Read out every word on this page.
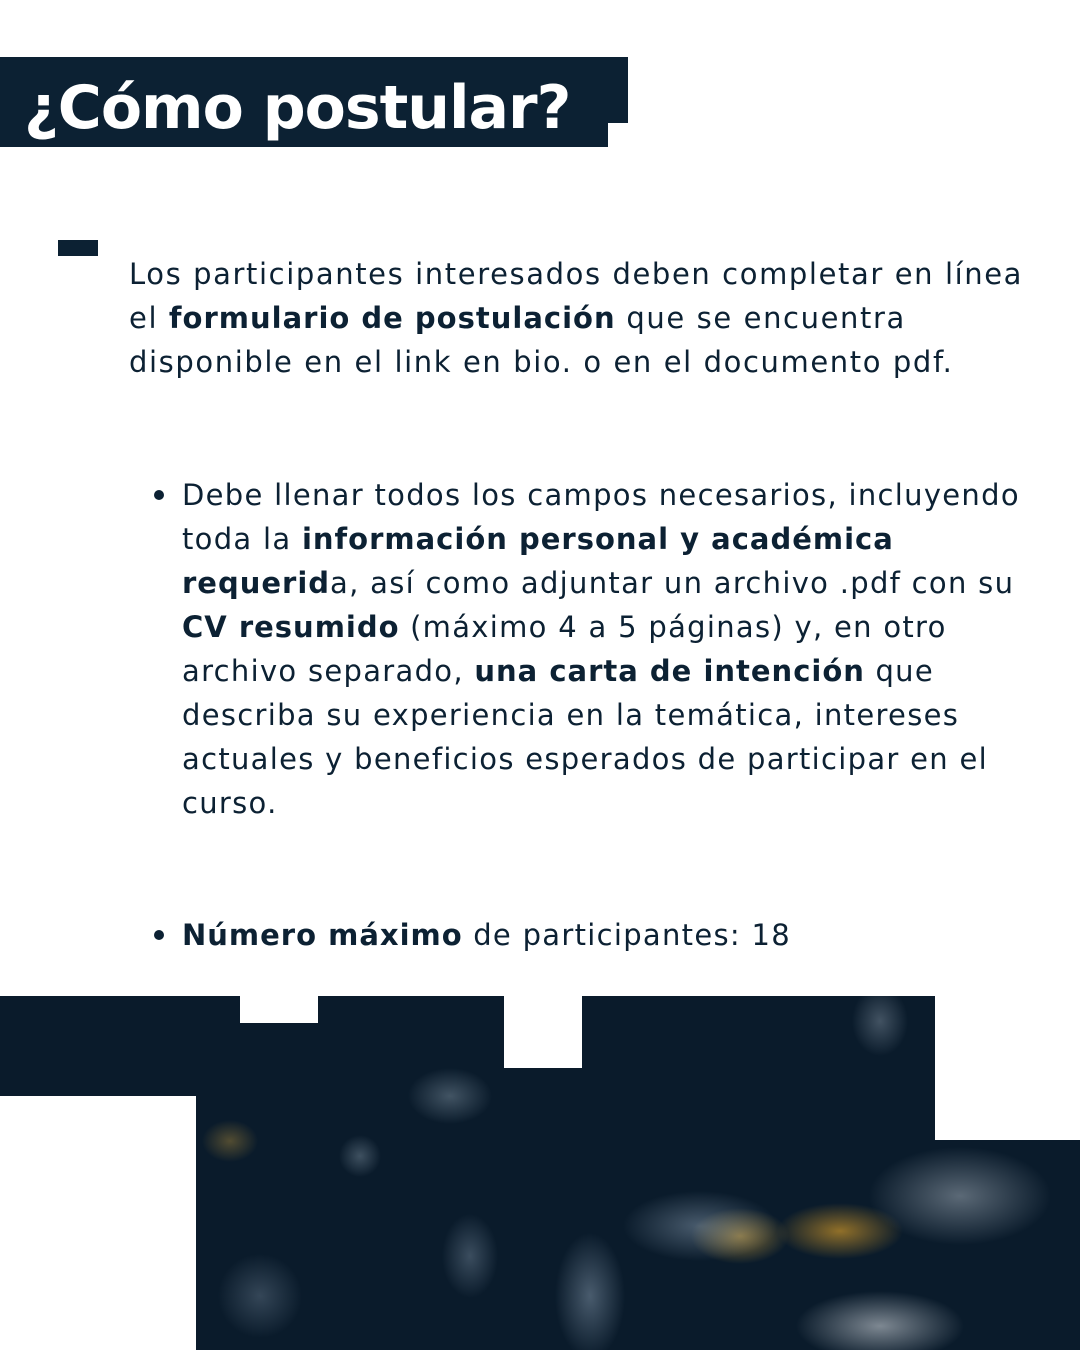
¿Cómo postular?

Los participantes interesados deben completar en línea el formulario de postulación que se encuentra disponible en el link en bio. o en el documento pdf.

Debe llenar todos los campos necesarios, incluyendo toda la información personal y académica requerida, así como adjuntar un archivo .pdf con su CV resumido (máximo 4 a 5 páginas) y, en otro archivo separado, una carta de intención que describa su experiencia en la temática, intereses actuales y beneficios esperados de participar en el curso.

Número máximo de participantes: 18
